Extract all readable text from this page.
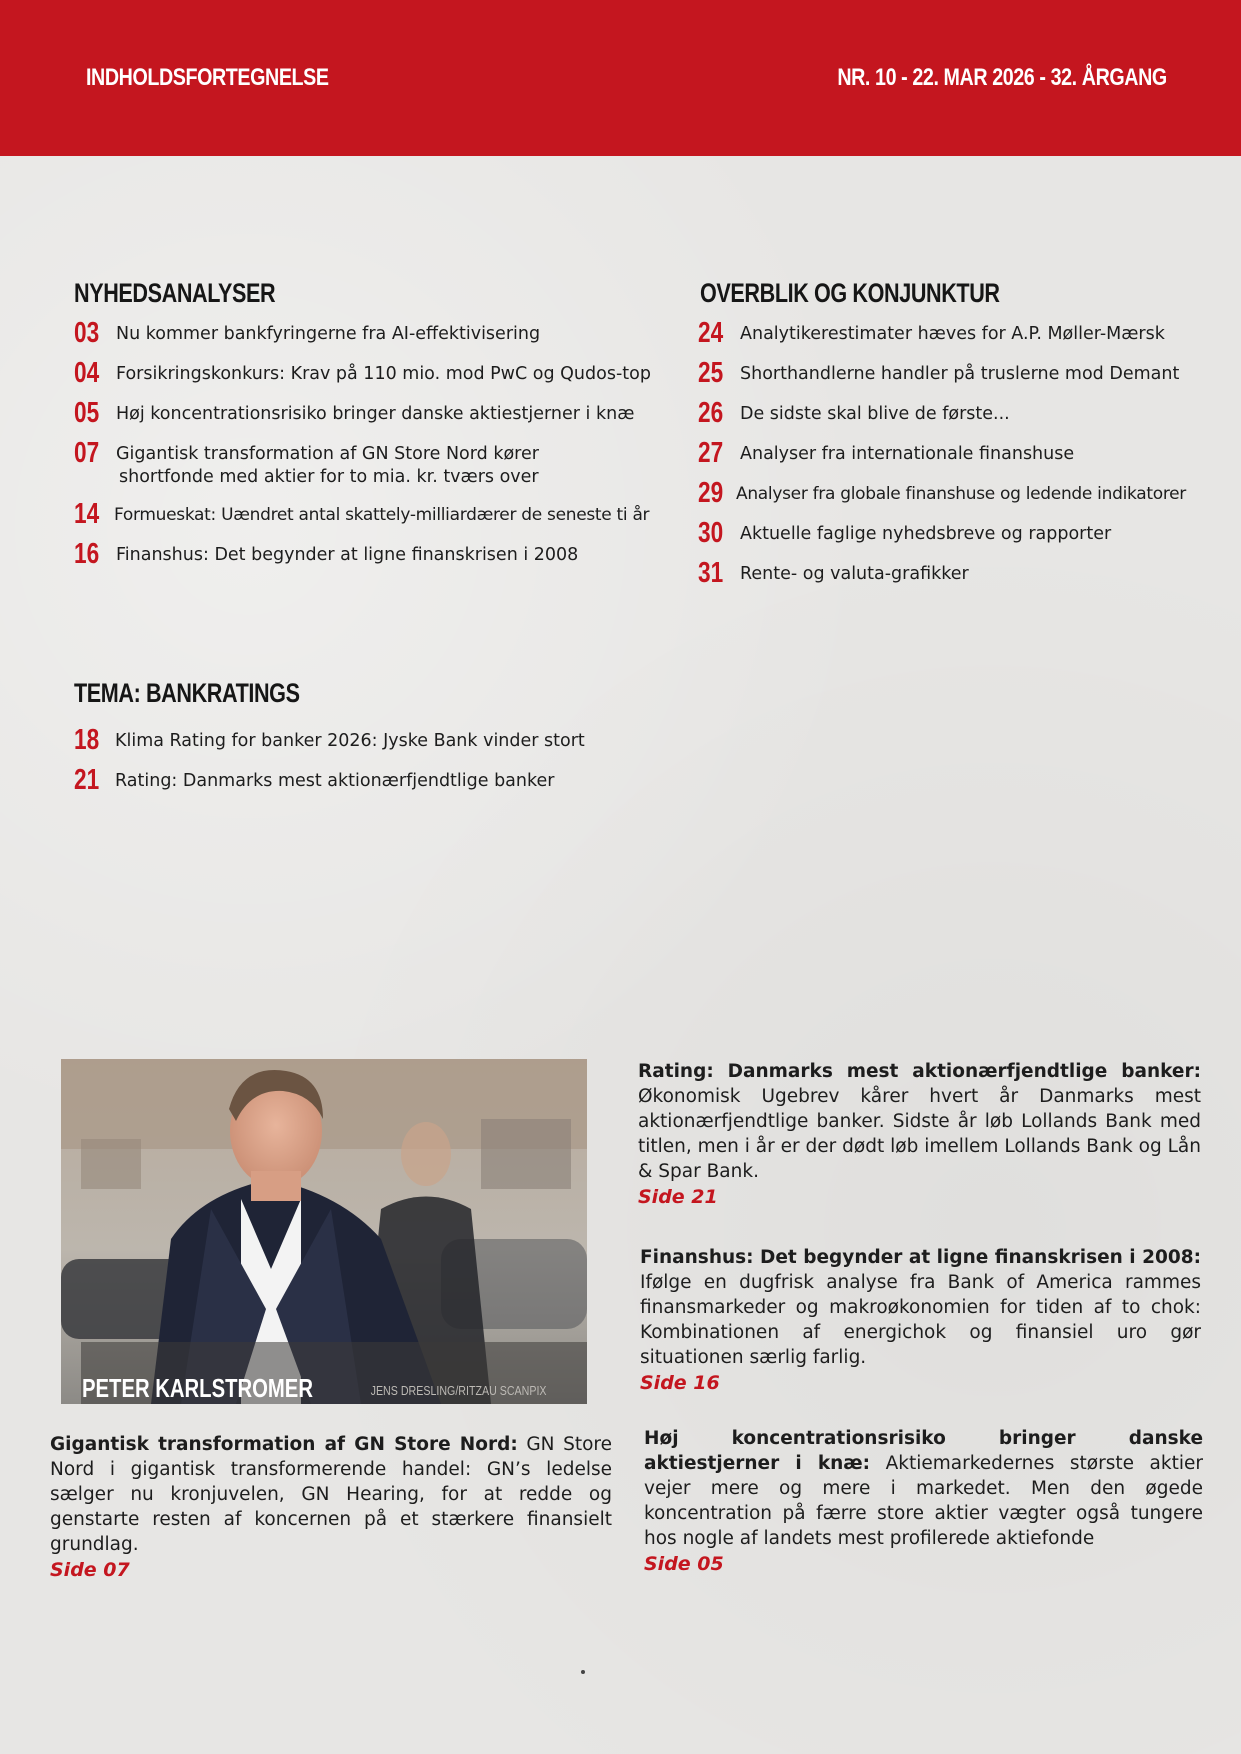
INDHOLDSFORTEGNELSE	NR. 10 - 22. MAR 2026 - 32. ÅRGANG
NYHEDSANALYSER
03 Nu kommer bankfyringerne fra AI-effektivisering
04 Forsikringskonkurs: Krav på 110 mio. mod PwC og Qudos-top
05 Høj koncentrationsrisiko bringer danske aktiestjerner i knæ
07 Gigantisk transformation af GN Store Nord kører
shortfonde med aktier for to mia. kr. tværs over
14 Formueskat: Uændret antal skattely-milliardærer de seneste ti år
16 Finanshus: Det begynder at ligne finanskrisen i 2008
OVERBLIK OG KONJUNKTUR
24 Analytikerestimater hæves for A.P. Møller-Mærsk
25 Shorthandlerne handler på truslerne mod Demant
26 De sidste skal blive de første...
27 Analyser fra internationale finanshuse
29 Analyser fra globale finanshuse og ledende indikatorer
30 Aktuelle faglige nyhedsbreve og rapporter
31 Rente- og valuta-grafikker
TEMA: BANKRATINGS
18 Klima Rating for banker 2026: Jyske Bank vinder stort
21 Rating: Danmarks mest aktionærfjendtlige banker
PETER KARLSTROMER	JENS DRESLING/RITZAU SCANPIX
Rating: Danmarks mest aktionærfjendtlige banker: Økonomisk Ugebrev kårer hvert år Danmarks mest aktionærfjendtlige banker. Sidste år løb Lollands Bank med titlen, men i år er der dødt løb imellem Lollands Bank og Lån & Spar Bank.
Side 21
Finanshus: Det begynder at ligne finanskrisen i 2008: Ifølge en dugfrisk analyse fra Bank of America rammes finansmarkeder og makroøkonomien for tiden af to chok: Kombinationen af energichok og finansiel uro gør situationen særlig farlig.
Side 16
Gigantisk transformation af GN Store Nord: GN Store Nord i gigantisk transformerende handel: GN’s ledelse sælger nu kronjuvelen, GN Hearing, for at redde og genstarte resten af koncernen på et stærkere finansielt grundlag.
Side 07
Høj koncentrationsrisiko bringer danske aktiestjerner i knæ: Aktiemarkedernes største aktier vejer mere og mere i markedet. Men den øgede koncentration på færre store aktier vægter også tungere hos nogle af landets mest profilerede aktiefonde
Side 05
